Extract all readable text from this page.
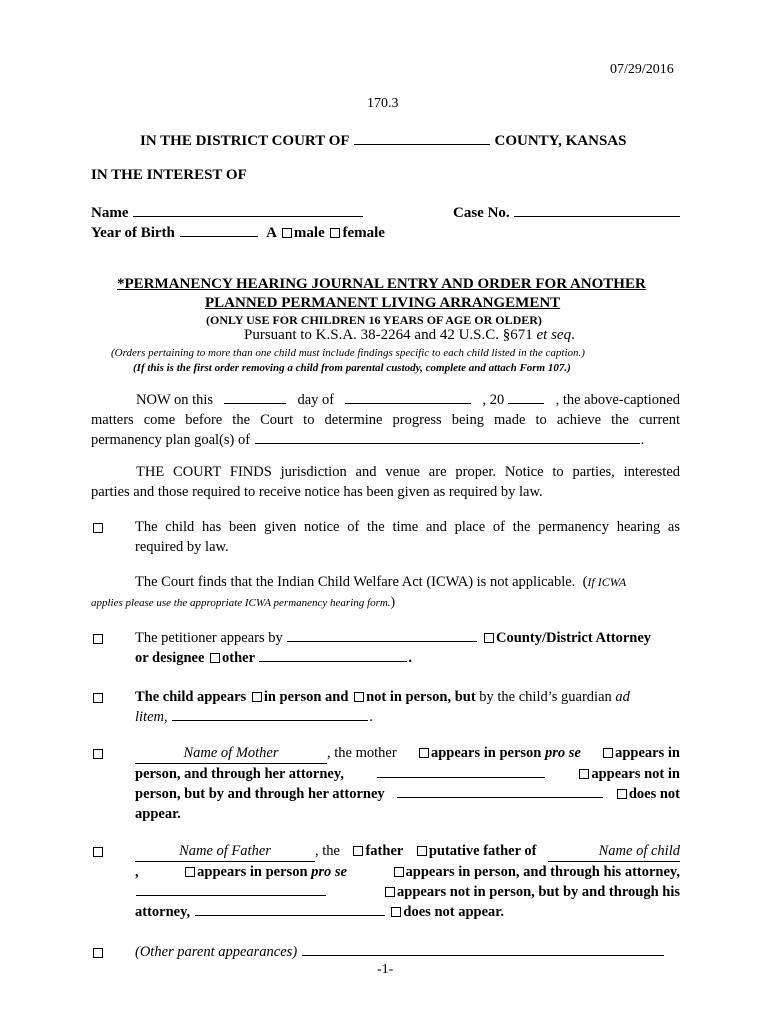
07/29/2016
170.3
IN THE DISTRICT COURT OF	COUNTY, KANSAS
IN THE INTEREST OF
Name	Case No.
Year of Birth	A male female
*PERMANENCY HEARING JOURNAL ENTRY AND ORDER FOR ANOTHER
PLANNED PERMANENT LIVING ARRANGEMENT
(ONLY USE FOR CHILDREN 16 YEARS OF AGE OR OLDER)
Pursuant to K.S.A. 38-2264 and 42 U.S.C. §671 et seq.
(Orders pertaining to more than one child must include findings specific to each child listed in the caption.)
(If this is the first order removing a child from parental custody, complete and attach Form 107.)
NOW on this	day of	, 20	, the above-captioned
matters come before the Court to determine progress being made to achieve the current
permanency plan goal(s) of	.
THE COURT FINDS jurisdiction and venue are proper. Notice to parties, interested
parties and those required to receive notice has been given as required by law.
The child has been given notice of the time and place of the permanency hearing as
required by law.
The Court finds that the Indian Child Welfare Act (ICWA) is not applicable.  (If ICWA
applies please use the appropriate ICWA permanency hearing form.)
The petitioner appears by	County/District Attorney
or designee other	.
The child appears in person and not in person, but by the child’s guardian ad
litem,	.
Name of Mother	, the mother	appears in person pro se	appears in
person, and through her attorney,	appears not in
person, but by and through her attorney	does not
appear.
Name of Father	, the	father	putative father of	Name of child
,	appears in person pro se	appears in person, and through his attorney,
appears not in person, but by and through his
attorney,	does not appear.
(Other parent appearances)
-1-
